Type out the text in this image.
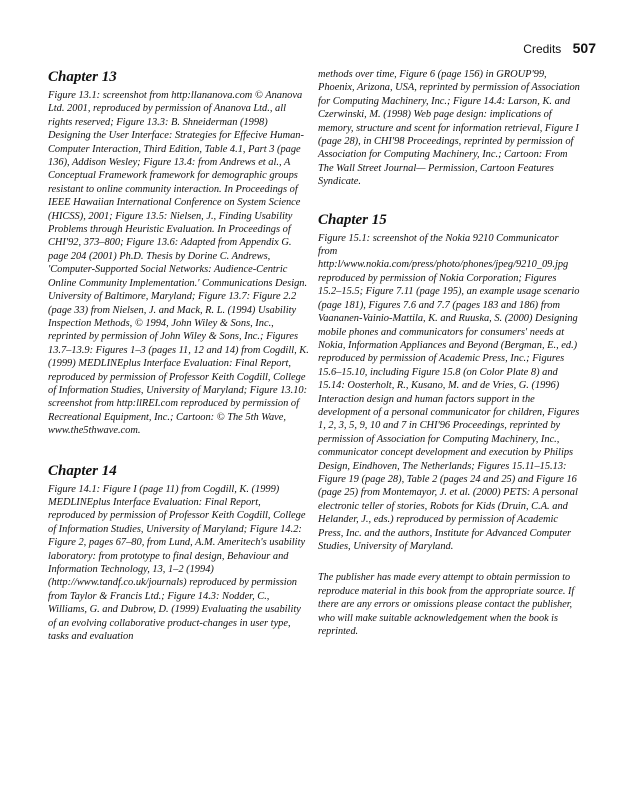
Credits 507
Chapter 13

Figure 13.1: screenshot from http:llananova.com © Ananova Ltd. 2001, reproduced by permission of Ananova Ltd., all rights reserved; Figure 13.3: B. Shneiderman (1998) Designing the User Interface: Strategies for Effecive Human-Computer Interaction, Third Edition, Table 4.1, Part 3 (page 136), Addison Wesley; Figure 13.4: from Andrews et al., A Conceptual Framework framework for demographic groups resistant to online community interaction. In Proceedings of IEEE Hawaiian International Conference on System Science (HICSS), 2001; Figure 13.5: Nielsen, J., Finding Usability Problems through Heuristic Evaluation. In Proceedings of CHI'92, 373–800; Figure 13.6: Adapted from Appendix G. page 204 (2001) Ph.D. Thesis by Dorine C. Andrews, 'Computer-Supported Social Networks: Audience-Centric Online Community Implementation.' Communications Design. University of Baltimore, Maryland; Figure 13.7: Figure 2.2 (page 33) from Nielsen, J. and Mack, R. L. (1994) Usability Inspection Methods, © 1994, John Wiley & Sons, Inc., reprinted by permission of John Wiley & Sons, Inc.; Figures 13.7–13.9: Figures 1–3 (pages 11, 12 and 14) from Cogdill, K. (1999) MEDLINEplus Interface Evaluation: Final Report, reproduced by permission of Professor Keith Cogdill, College of Information Studies, University of Maryland; Figure 13.10: screenshot from http:llREI.com reproduced by permission of Recreational Equipment, Inc.; Cartoon: © The 5th Wave, www.the5thwave.com.

Chapter 14

Figure 14.1: Figure I (page 11) from Cogdill, K. (1999) MEDLINEplus Interface Evaluation: Final Report, reproduced by permission of Professor Keith Cogdill, College of Information Studies, University of Maryland; Figure 14.2: Figure 2, pages 67–80, from Lund, A.M. Ameritech's usability laboratory: from prototype to final design, Behaviour and Information Technology, 13, 1–2 (1994) (http://www.tandf.co.uk/journals) reproduced by permission from Taylor & Francis Ltd.; Figure 14.3: Nodder, C., Williams, G. and Dubrow, D. (1999) Evaluating the usability of an evolving collaborative product-changes in user type, tasks and evaluation

methods over time, Figure 6 (page 156) in GROUP'99, Phoenix, Arizona, USA, reprinted by permission of Association for Computing Machinery, Inc.; Figure 14.4: Larson, K. and Czerwinski, M. (1998) Web page design: implications of memory, structure and scent for information retrieval, Figure I (page 28), in CHI'98 Proceedings, reprinted by permission of Association for Computing Machinery, Inc.; Cartoon: From The Wall Street Journal— Permission, Cartoon Features Syndicate.

Chapter 15

Figure 15.1: screenshot of the Nokia 9210 Communicator from http:l/www.nokia.com/press/photo/phones/jpeg/9210_09.jpg reproduced by permission of Nokia Corporation; Figures 15.2–15.5; Figure 7.11 (page 195), an example usage scenario (page 181), Figures 7.6 and 7.7 (pages 183 and 186) from Vaananen-Vainio-Mattila, K. and Ruuska, S. (2000) Designing mobile phones and communicators for consumers' needs at Nokia, Information Appliances and Beyond (Bergman, E., ed.) reproduced by permission of Academic Press, Inc.; Figures 15.6–15.10, including Figure 15.8 (on Color Plate 8) and 15.14: Oosterholt, R., Kusano, M. and de Vries, G. (1996) Interaction design and human factors support in the development of a personal communicator for children, Figures 1, 2, 3, 5, 9, 10 and 7 in CHI'96 Proceedings, reprinted by permission of Association for Computing Machinery, Inc., communicator concept development and execution by Philips Design, Eindhoven, The Netherlands; Figures 15.11–15.13: Figure 19 (page 28), Table 2 (pages 24 and 25) and Figure 16 (page 25) from Montemayor, J. et al. (2000) PETS: A personal electronic teller of stories, Robots for Kids (Druin, C.A. and Helander, J., eds.) reproduced by permission of Academic Press, Inc. and the authors, Institute for Advanced Computer Studies, University of Maryland.

The publisher has made every attempt to obtain permission to reproduce material in this book from the appropriate source. If there are any errors or omissions please contact the publisher, who will make suitable acknowledgement when the book is reprinted.
